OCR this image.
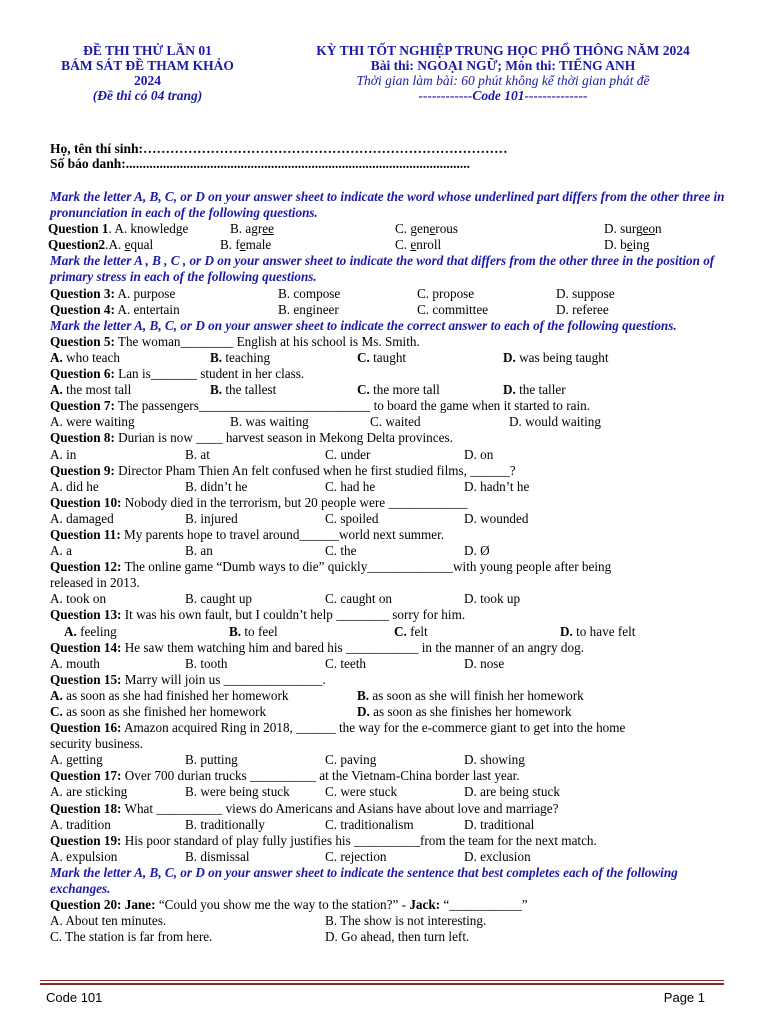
ĐỀ THI THỬ LẦN 01
BÁM SÁT ĐỀ THAM KHẢO
2024
(Đề thi có 04 trang)
KỲ THI TỐT NGHIỆP TRUNG HỌC PHỔ THÔNG NĂM 2024
Bài thi: NGOẠI NGỮ; Môn thi: TIẾNG ANH
Thời gian làm bài: 60 phút không kể thời gian phát đề
------------Code 101--------------
Họ, tên thí sinh:………………………………………………………………………
Số báo danh:......................................................................................................
Mark the letter A, B, C, or D on your answer sheet to indicate the word whose underlined part differs from the other three in pronunciation in each of the following questions.
Question 1. A. knowledge	B. agree	C. generous	D. surgeon
Question2.A. equal	B. female	C. enroll	D. being
Mark the letter A , B , C , or D on your answer sheet to indicate the word that differs from the other three in the position of primary stress in each of the following questions.
Question 3: A. purpose	B. compose	C. propose	D. suppose
Question 4: A. entertain	B. engineer	C. committee	D. referee
Mark the letter A, B, C, or D on your answer sheet to indicate the correct answer to each of the following questions.
Question 5: The woman________ English at his school is Ms. Smith.
A. who teach	B. teaching	C. taught	D. was being taught
Question 6: Lan is_______ student in her class.
A. the most tall	B. the tallest	C. the more tall	D. the taller
Question 7: The passengers__________________________ to board the game when it started to rain.
A. were waiting	B. was waiting	C. waited	D. would waiting
Question 8: Durian is now ____ harvest season in Mekong Delta provinces.
A. in	B. at	C. under	D. on
Question 9: Director Pham Thien An felt confused when he first studied films, ______?
A. did he	B. didn’t he	C. had he	D. hadn’t he
Question 10: Nobody died in the terrorism, but 20 people were ____________
A. damaged	B. injured	C. spoiled	D. wounded
Question 11: My parents hope to travel around______world next summer.
A. a	B. an	C. the	D. Ø
Question 12: The online game “Dumb ways to die” quickly_____________with young people after being
released in 2013.
A. took on	B. caught up	C. caught on	D. took up
Question 13: It was his own fault, but I couldn’t help ________ sorry for him.
A. feeling	B. to feel	C. felt	D. to have felt
Question 14: He saw them watching him and bared his ___________ in the manner of an angry dog.
A. mouth	B. tooth	C. teeth	D. nose
Question 15: Marry will join us _______________.
A. as soon as she had finished her homework	B. as soon as she will finish her homework
C. as soon as she finished her homework	D. as soon as she finishes her homework
Question 16: Amazon acquired Ring in 2018, ______ the way for the e-commerce giant to get into the home
security business.
A. getting	B. putting	C. paving	D. showing
Question 17: Over 700 durian trucks __________ at the Vietnam-China border last year.
A. are sticking	B. were being stuck	C. were stuck	D. are being stuck
Question 18: What __________ views do Americans and Asians have about love and marriage?
A. tradition	B. traditionally	C. traditionalism	D. traditional
Question 19: His poor standard of play fully justifies his __________from the team for the next match.
A. expulsion	B. dismissal	C. rejection	D. exclusion
Mark the letter A, B, C, or D on your answer sheet to indicate the sentence that best completes each of the following exchanges.
Question 20: Jane: “Could you show me the way to the station?” - Jack: “___________”
A. About ten minutes.	B. The show is not interesting.
C. The station is far from here.	D. Go ahead, then turn left.
Code 101	Page 1
